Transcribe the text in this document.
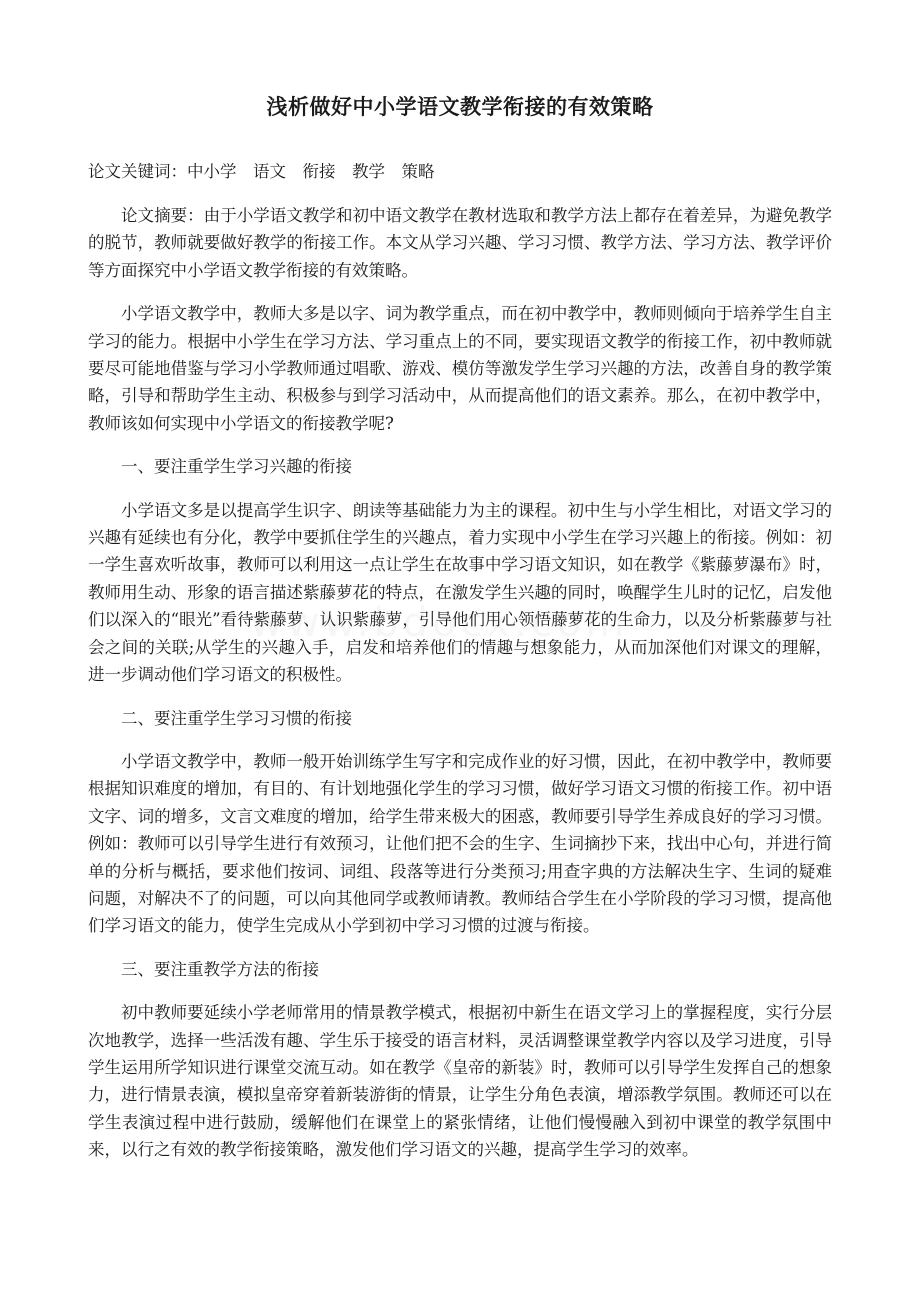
浅析做好中小学语文教学衔接的有效策略

论文关键词：中小学　语文　衔接　教学　策略

论文摘要：由于小学语文教学和初中语文教学在教材选取和教学方法上都存在着差异，为避免教学的脱节，教师就要做好教学的衔接工作。本文从学习兴趣、学习习惯、教学方法、学习方法、教学评价等方面探究中小学语文教学衔接的有效策略。

小学语文教学中，教师大多是以字、词为教学重点，而在初中教学中，教师则倾向于培养学生自主学习的能力。根据中小学生在学习方法、学习重点上的不同，要实现语文教学的衔接工作，初中教师就要尽可能地借鉴与学习小学教师通过唱歌、游戏、模仿等激发学生学习兴趣的方法，改善自身的教学策略，引导和帮助学生主动、积极参与到学习活动中，从而提高他们的语文素养。那么，在初中教学中，教师该如何实现中小学语文的衔接教学呢?

一、要注重学生学习兴趣的衔接

小学语文多是以提高学生识字、朗读等基础能力为主的课程。初中生与小学生相比，对语文学习的兴趣有延续也有分化，教学中要抓住学生的兴趣点，着力实现中小学生在学习兴趣上的衔接。例如：初一学生喜欢听故事，教师可以利用这一点让学生在故事中学习语文知识，如在教学《紫藤萝瀑布》时，教师用生动、形象的语言描述紫藤萝花的特点，在激发学生兴趣的同时，唤醒学生儿时的记忆，启发他们以深入的“眼光”看待紫藤萝、认识紫藤萝，引导他们用心领悟藤萝花的生命力，以及分析紫藤萝与社会之间的关联;从学生的兴趣入手，启发和培养他们的情趣与想象能力，从而加深他们对课文的理解，进一步调动他们学习语文的积极性。

二、要注重学生学习习惯的衔接

小学语文教学中，教师一般开始训练学生写字和完成作业的好习惯，因此，在初中教学中，教师要根据知识难度的增加，有目的、有计划地强化学生的学习习惯，做好学习语文习惯的衔接工作。初中语文字、词的增多，文言文难度的增加，给学生带来极大的困惑，教师要引导学生养成良好的学习习惯。例如：教师可以引导学生进行有效预习，让他们把不会的生字、生词摘抄下来，找出中心句，并进行简单的分析与概括，要求他们按词、词组、段落等进行分类预习;用查字典的方法解决生字、生词的疑难问题，对解决不了的问题，可以向其他同学或教师请教。教师结合学生在小学阶段的学习习惯，提高他们学习语文的能力，使学生完成从小学到初中学习习惯的过渡与衔接。

三、要注重教学方法的衔接

初中教师要延续小学老师常用的情景教学模式，根据初中新生在语文学习上的掌握程度，实行分层次地教学，选择一些活泼有趣、学生乐于接受的语言材料，灵活调整课堂教学内容以及学习进度，引导学生运用所学知识进行课堂交流互动。如在教学《皇帝的新装》时，教师可以引导学生发挥自己的想象力，进行情景表演，模拟皇帝穿着新装游街的情景，让学生分角色表演，增添教学氛围。教师还可以在学生表演过程中进行鼓励，缓解他们在课堂上的紧张情绪，让他们慢慢融入到初中课堂的教学氛围中来，以行之有效的教学衔接策略，激发他们学习语文的兴趣，提高学生学习的效率。
